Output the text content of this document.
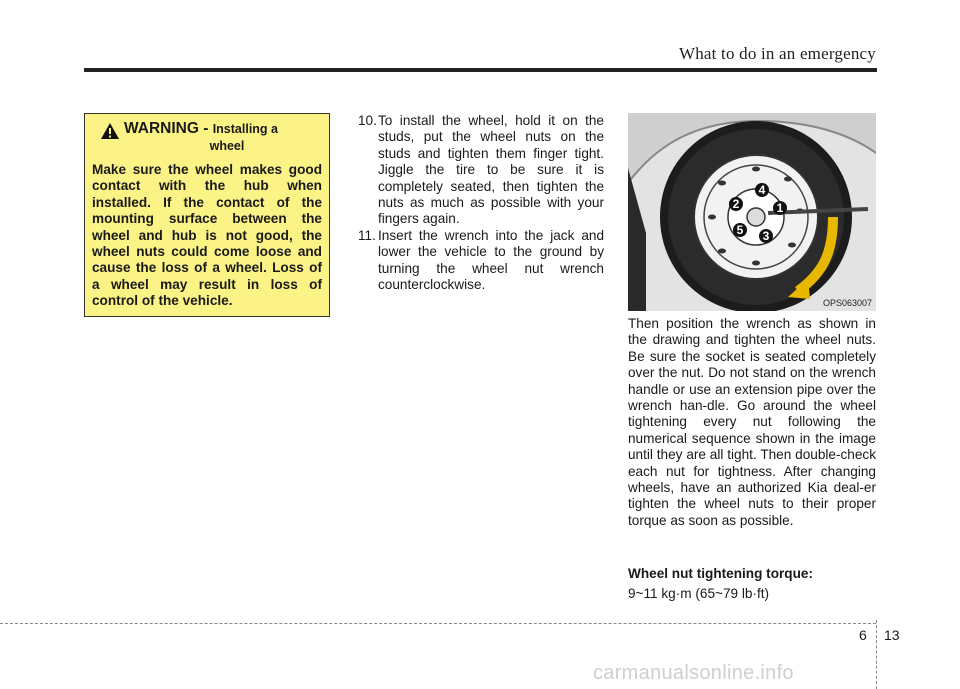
What to do in an emergency
WARNING - Installing a
wheel
Make sure the wheel makes good contact with the hub when installed. If the contact of the mounting surface between the wheel and hub is not good, the wheel nuts could come loose and cause the loss of a wheel. Loss of a wheel may result in loss of control of the vehicle.
10. To install the wheel, hold it on the studs, put the wheel nuts on the studs and tighten them finger tight. Jiggle the tire to be sure it is completely seated, then tighten the nuts as much as possible with your fingers again.
11. Insert the wrench into the jack and lower the vehicle to the ground by turning the wheel nut wrench counterclockwise.
1
2
3
4
5
OPS063007
Then position the wrench as shown in the drawing and tighten the wheel nuts. Be sure the socket is seated completely over the nut. Do not stand on the wrench handle or use an extension pipe over the wrench han-dle. Go around the wheel tightening every nut following the numerical sequence shown in the image until they are all tight. Then double-check each nut for tightness. After changing wheels, have an authorized Kia deal-er tighten the wheel nuts to their proper torque as soon as possible.
Wheel nut tightening torque:
9~11 kg·m (65~79 lb·ft)
6 13
carmanualsonline.info
